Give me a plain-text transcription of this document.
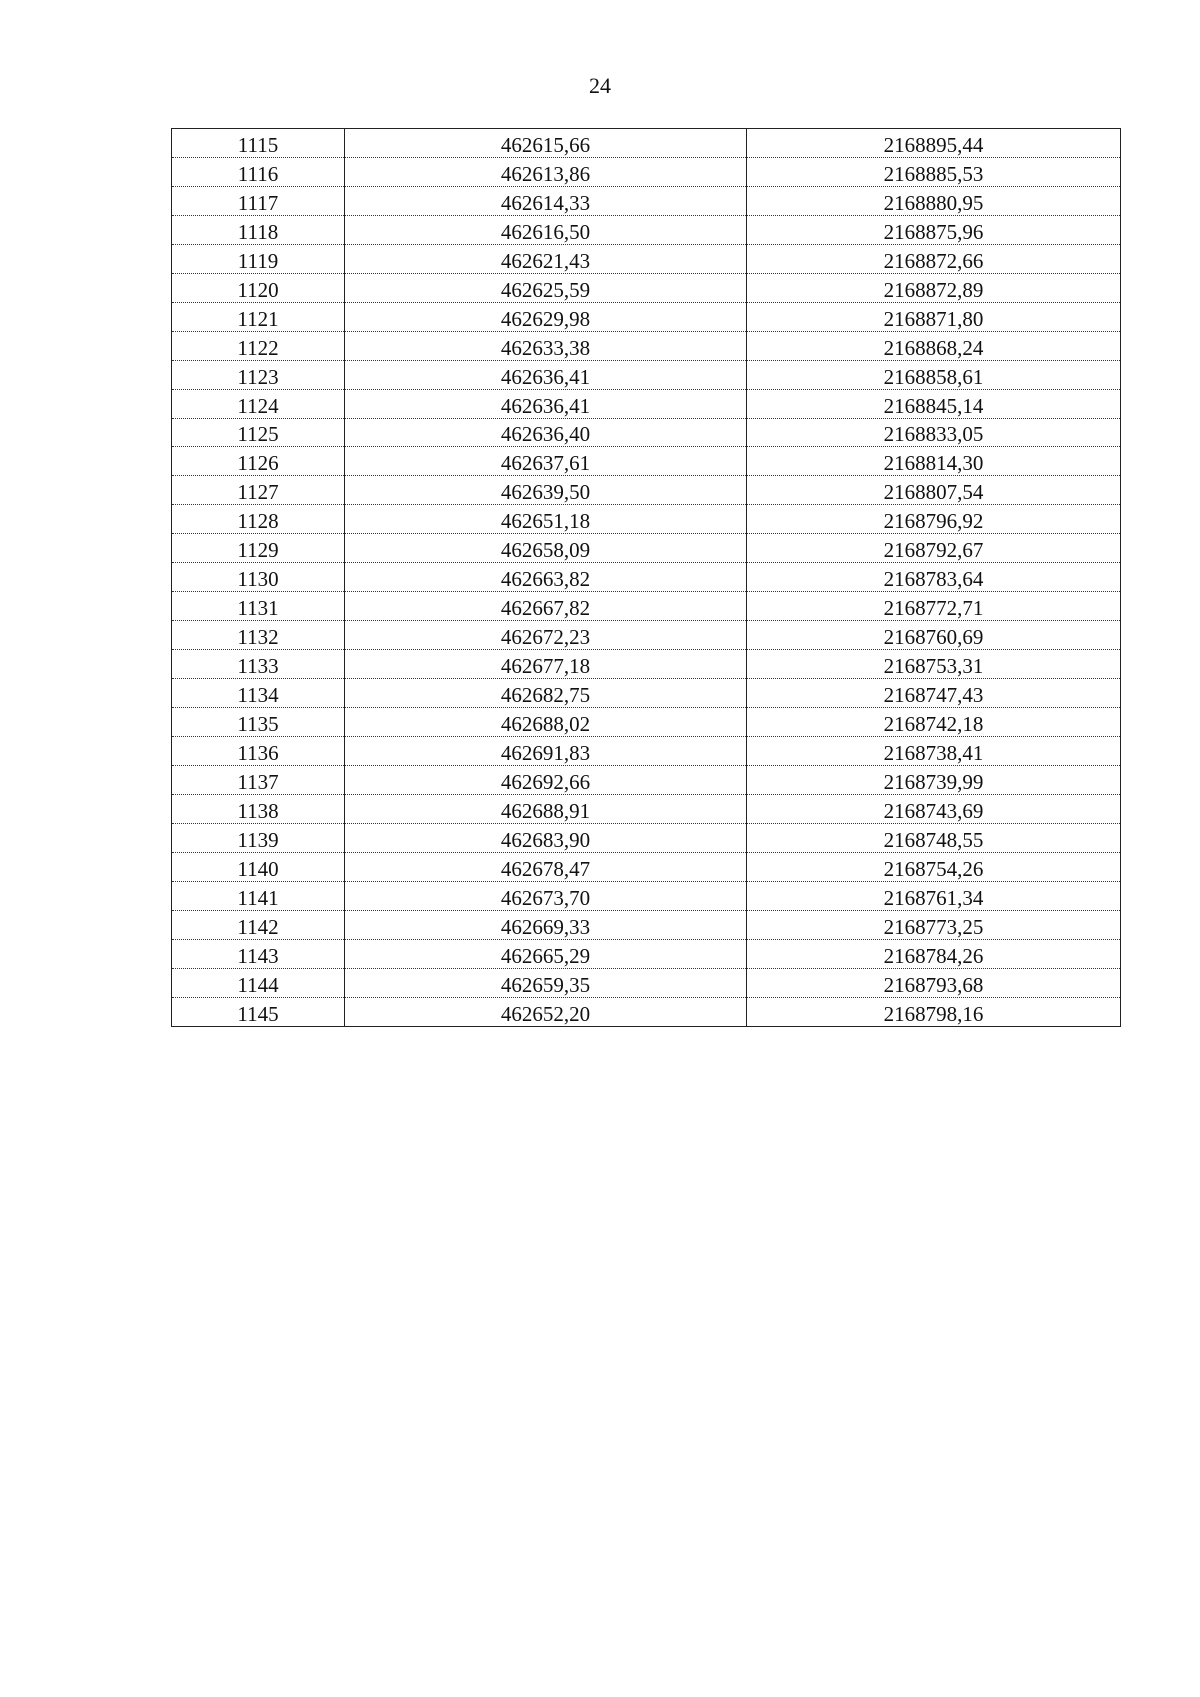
24
1115	462615,66	2168895,44
1116	462613,86	2168885,53
1117	462614,33	2168880,95
1118	462616,50	2168875,96
1119	462621,43	2168872,66
1120	462625,59	2168872,89
1121	462629,98	2168871,80
1122	462633,38	2168868,24
1123	462636,41	2168858,61
1124	462636,41	2168845,14
1125	462636,40	2168833,05
1126	462637,61	2168814,30
1127	462639,50	2168807,54
1128	462651,18	2168796,92
1129	462658,09	2168792,67
1130	462663,82	2168783,64
1131	462667,82	2168772,71
1132	462672,23	2168760,69
1133	462677,18	2168753,31
1134	462682,75	2168747,43
1135	462688,02	2168742,18
1136	462691,83	2168738,41
1137	462692,66	2168739,99
1138	462688,91	2168743,69
1139	462683,90	2168748,55
1140	462678,47	2168754,26
1141	462673,70	2168761,34
1142	462669,33	2168773,25
1143	462665,29	2168784,26
1144	462659,35	2168793,68
1145	462652,20	2168798,16
